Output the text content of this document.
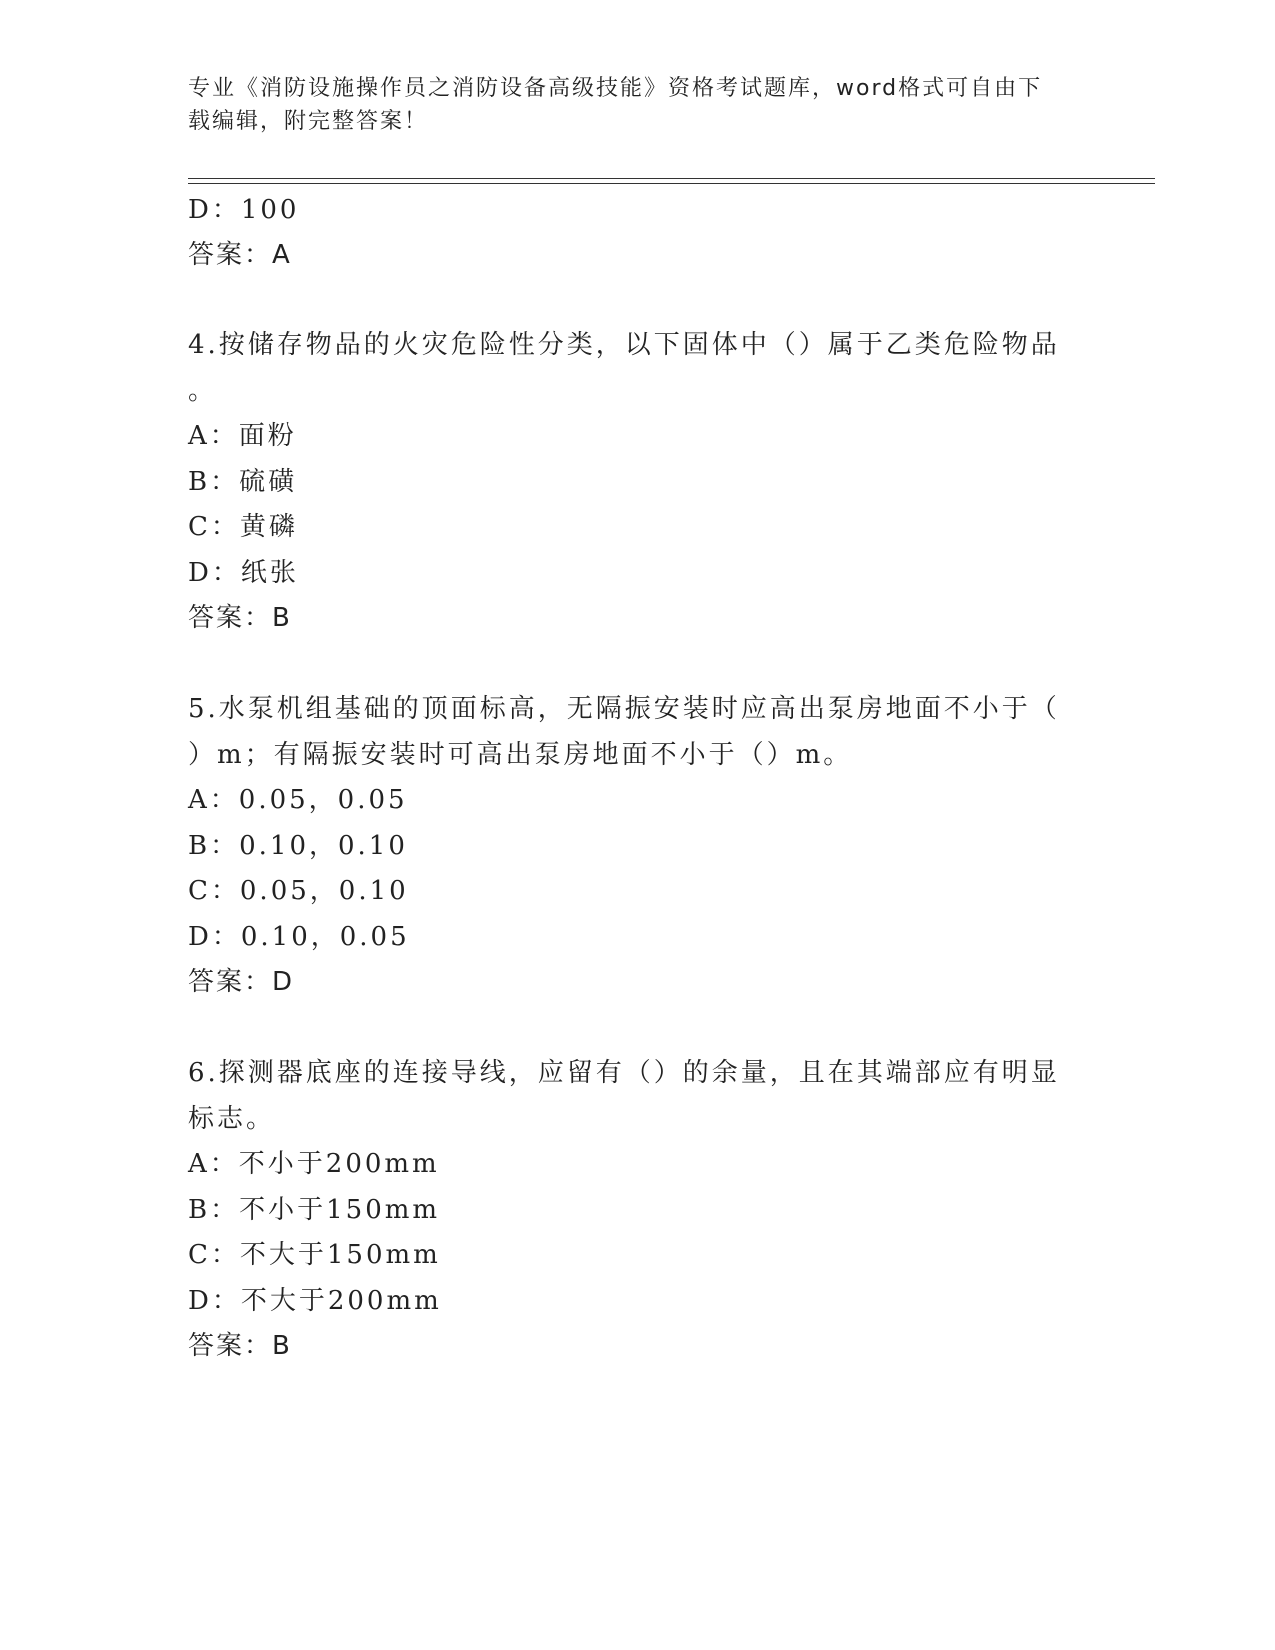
专业《消防设施操作员之消防设备高级技能》资格考试题库，word格式可自由下
载编辑，附完整答案！
D：100
答案：A
4.按储存物品的火灾危险性分类，以下固体中（）属于乙类危险物品
。
A：面粉
B：硫磺
C：黄磷
D：纸张
答案：B
5.水泵机组基础的顶面标高，无隔振安装时应高出泵房地面不小于（
）m；有隔振安装时可高出泵房地面不小于（）m。
A：0.05，0.05
B：0.10，0.10
C：0.05，0.10
D：0.10，0.05
答案：D
6.探测器底座的连接导线，应留有（）的余量，且在其端部应有明显
标志。
A：不小于200mm
B：不小于150mm
C：不大于150mm
D：不大于200mm
答案：B
